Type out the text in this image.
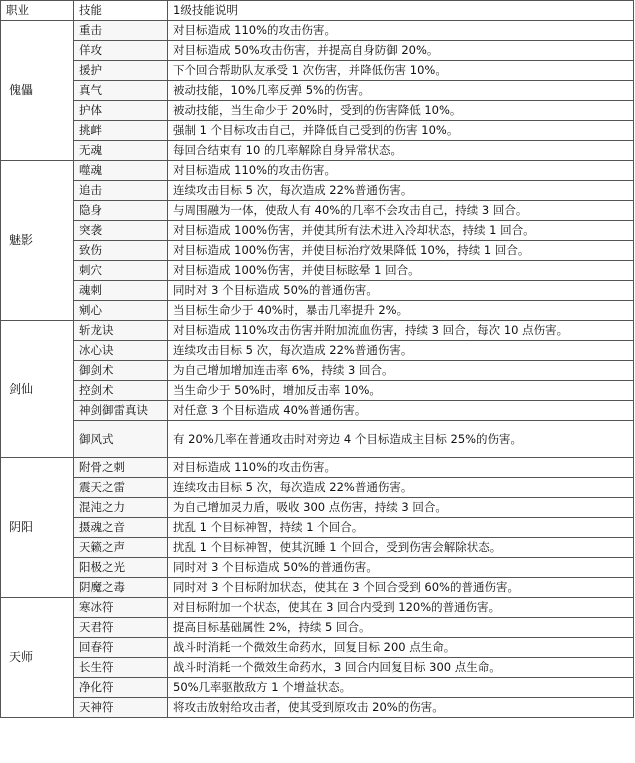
职业	技能	1级技能说明
傀儡	重击	对目标造成 110%的攻击伤害。
	佯攻	对目标造成 50%攻击伤害，并提高自身防御 20%。
	援护	下个回合帮助队友承受 1 次伤害，并降低伤害 10%。
	真气	被动技能，10%几率反弹 5%的伤害。
	护体	被动技能，当生命少于 20%时，受到的伤害降低 10%。
	挑衅	强制 1 个目标攻击自己，并降低自己受到的伤害 10%。
	无魂	每回合结束有 10 的几率解除自身异常状态。
魅影	噬魂	对目标造成 110%的攻击伤害。
	追击	连续攻击目标 5 次，每次造成 22%普通伤害。
	隐身	与周围融为一体，使敌人有 40%的几率不会攻击自己，持续 3 回合。
	突袭	对目标造成 100%伤害，并使其所有法术进入冷却状态，持续 1 回合。
	致伤	对目标造成 100%伤害，并使目标治疗效果降低 10%，持续 1 回合。
	刺穴	对目标造成 100%伤害，并使目标眩晕 1 回合。
	魂刺	同时对 3 个目标造成 50%的普通伤害。
	剜心	当目标生命少于 40%时，暴击几率提升 2%。
剑仙	斩龙诀	对目标造成 110%攻击伤害并附加流血伤害，持续 3 回合，每次 10 点伤害。
	冰心诀	连续攻击目标 5 次，每次造成 22%普通伤害。
	御剑术	为自己增加增加连击率 6%，持续 3 回合。
	控剑术	当生命少于 50%时，增加反击率 10%。
	神剑御雷真诀	对任意 3 个目标造成 40%普通伤害。
	御风式	有 20%几率在普通攻击时对旁边 4 个目标造成主目标 25%的伤害。
阴阳	附骨之刺	对目标造成 110%的攻击伤害。
	震天之雷	连续攻击目标 5 次，每次造成 22%普通伤害。
	混沌之力	为自己增加灵力盾，吸收 300 点伤害，持续 3 回合。
	摄魂之音	扰乱 1 个目标神智，持续 1 个回合。
	天籁之声	扰乱 1 个目标神智，使其沉睡 1 个回合，受到伤害会解除状态。
	阳极之光	同时对 3 个目标造成 50%的普通伤害。
	阴魔之毒	同时对 3 个目标附加状态，使其在 3 个回合受到 60%的普通伤害。
天师	寒冰符	对目标附加一个状态，使其在 3 回合内受到 120%的普通伤害。
	天君符	提高目标基础属性 2%，持续 5 回合。
	回春符	战斗时消耗一个微效生命药水，回复目标 200 点生命。
	长生符	战斗时消耗一个微效生命药水，3 回合内回复目标 300 点生命。
	净化符	50%几率驱散敌方 1 个增益状态。
	天神符	将攻击放射给攻击者，使其受到原攻击 20%的伤害。
